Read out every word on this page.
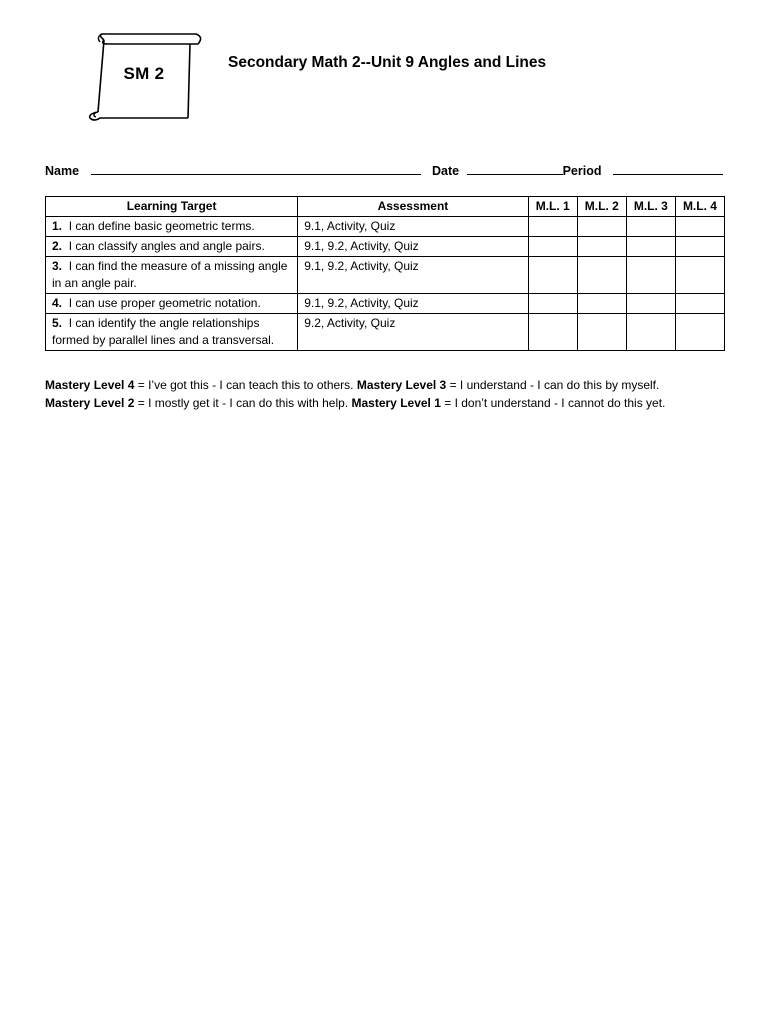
SM 2
Secondary Math 2--Unit 9 Angles and Lines
Name	Date	Period
Learning Target	Assessment	M.L. 1	M.L. 2	M.L. 3	M.L. 4
1. I can define basic geometric terms.	9.1, Activity, Quiz				
2. I can classify angles and angle pairs.	9.1, 9.2, Activity, Quiz				
3. I can find the measure of a missing angle in an angle pair.	9.1, 9.2, Activity, Quiz				
4. I can use proper geometric notation.	9.1, 9.2, Activity, Quiz				
5. I can identify the angle relationships formed by parallel lines and a transversal.	9.2, Activity, Quiz				
Mastery Level 4 = I’ve got this - I can teach this to others. Mastery Level 3 = I understand - I can do this by myself.
Mastery Level 2 = I mostly get it - I can do this with help. Mastery Level 1 = I don’t understand - I cannot do this yet.
